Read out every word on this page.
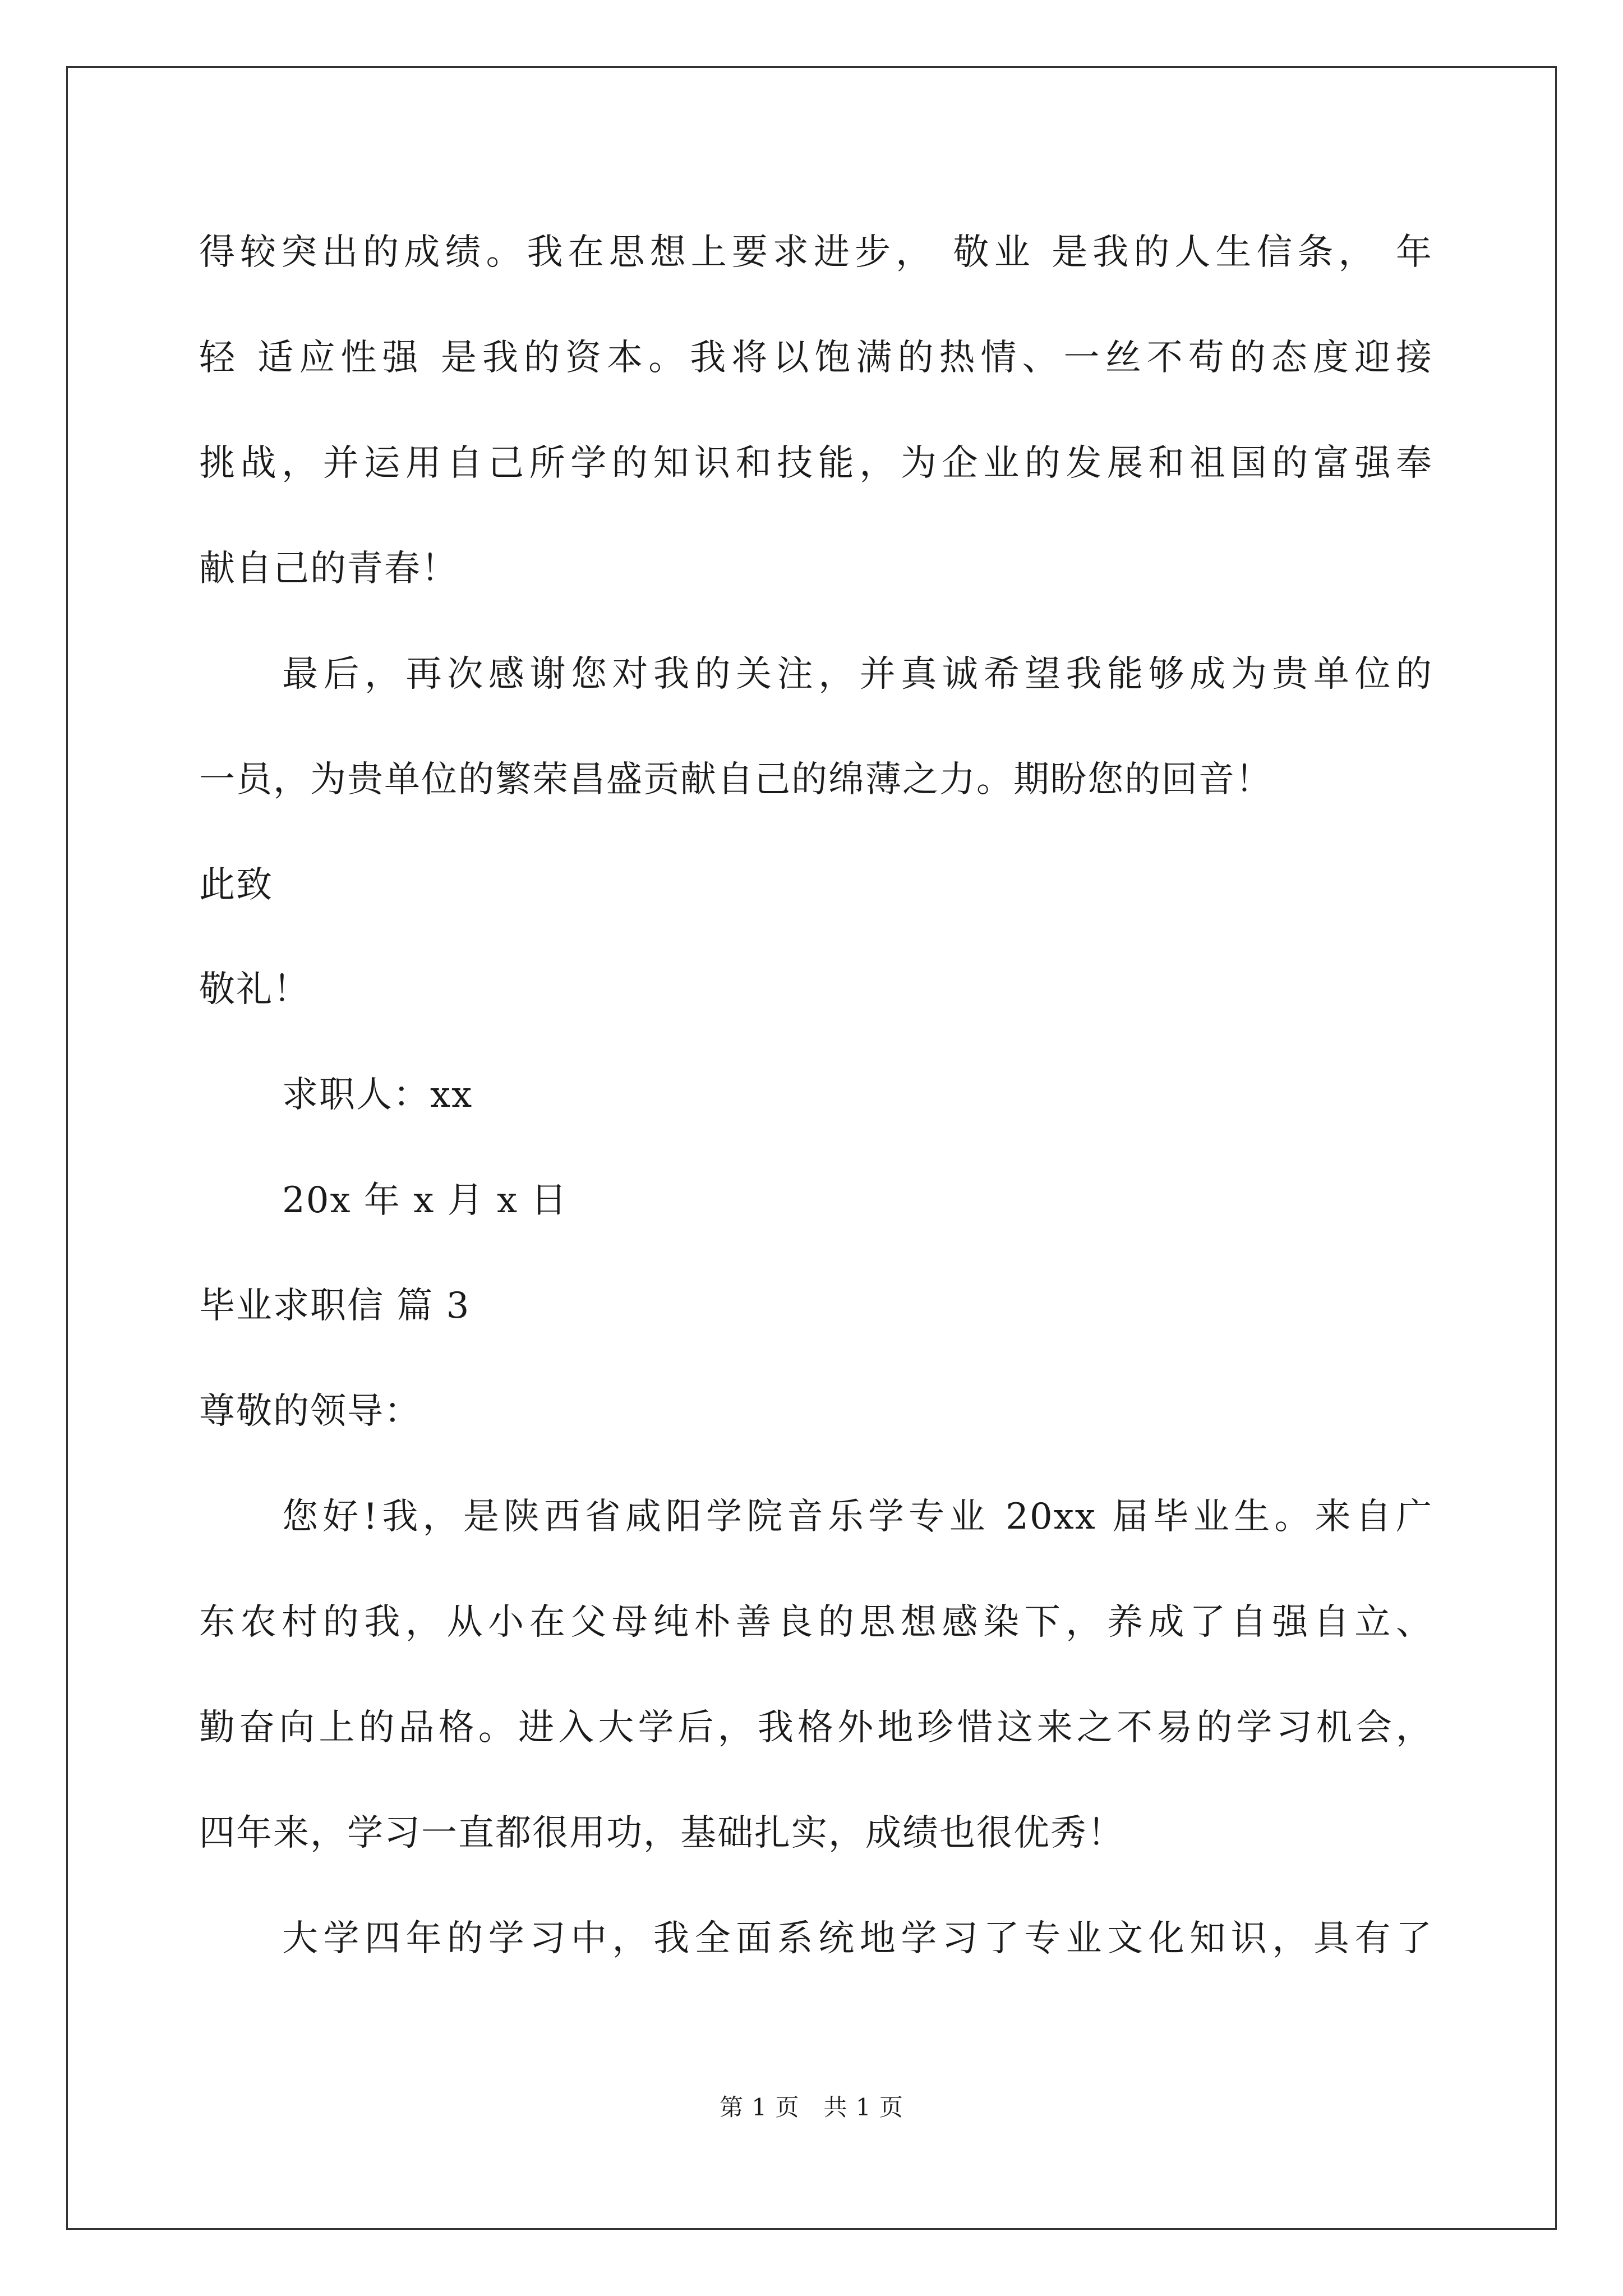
得较突出的成绩。我在思想上要求进步， 敬业 是我的人生信条， 年
轻 适应性强 是我的资本。我将以饱满的热情、一丝不苟的态度迎接
挑战，并运用自己所学的知识和技能，为企业的发展和祖国的富强奉
献自己的青春！
最后，再次感谢您对我的关注，并真诚希望我能够成为贵单位的
一员，为贵单位的繁荣昌盛贡献自己的绵薄之力。期盼您的回音！
此致
敬礼！
求职人：xx
20x 年 x 月 x 日
毕业求职信 篇 3
尊敬的领导：
您好!我，是陕西省咸阳学院音乐学专业 20xx 届毕业生。来自广
东农村的我，从小在父母纯朴善良的思想感染下，养成了自强自立、
勤奋向上的品格。进入大学后，我格外地珍惜这来之不易的学习机会，
四年来，学习一直都很用功，基础扎实，成绩也很优秀！
大学四年的学习中，我全面系统地学习了专业文化知识，具有了
第 1 页　共 1 页
